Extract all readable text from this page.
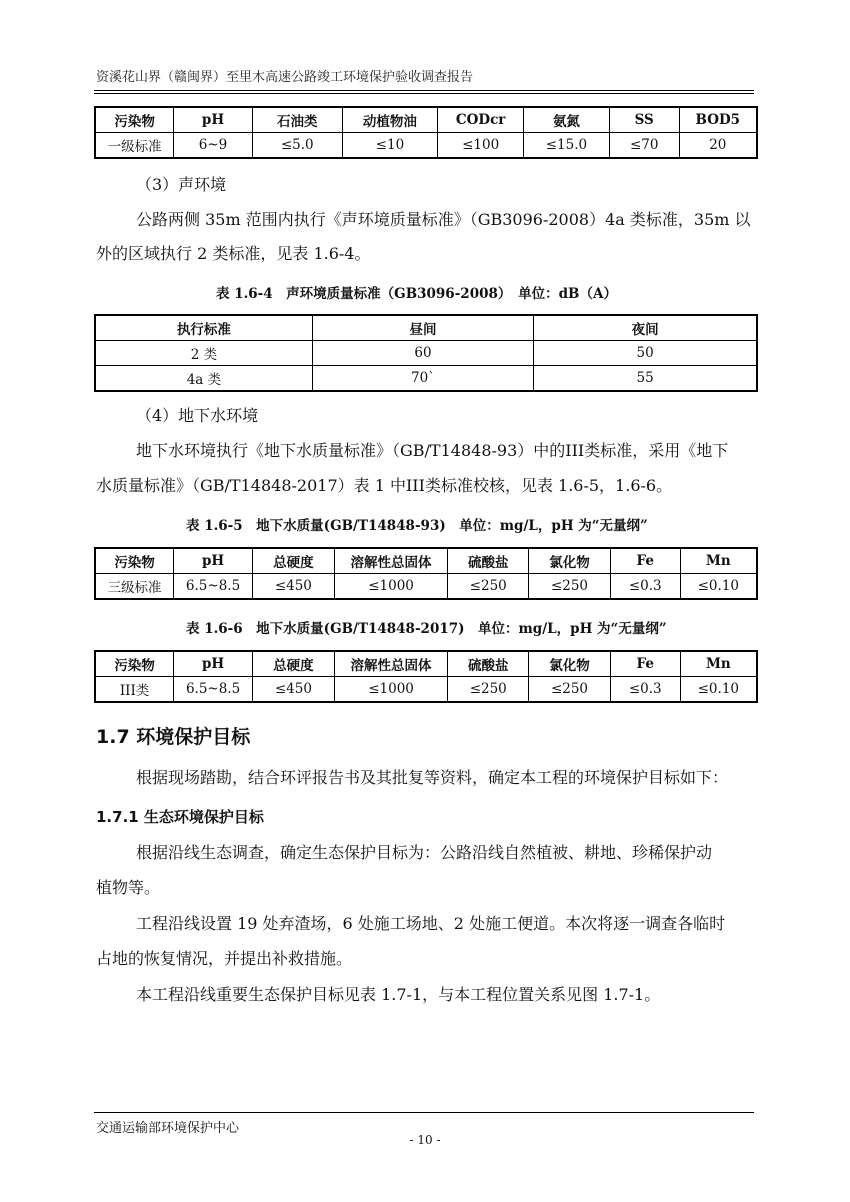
资溪花山界（赣闽界）至里木高速公路竣工环境保护验收调查报告
污染物	pH	石油类	动植物油	CODcr	氨氮	SS	BOD5
一级标准	6~9	≤5.0	≤10	≤100	≤15.0	≤70	20
（3）声环境
公路两侧 35m 范围内执行《声环境质量标准》（GB3096-2008）4a 类标准，35m 以
外的区域执行 2 类标准，见表 1.6-4。
表 1.6-4　声环境质量标准（GB3096-2008）　单位：dB（A）
执行标准	昼间	夜间
2 类	60	50
4a 类	70`	55
（4）地下水环境
地下水环境执行《地下水质量标准》（GB/T14848-93）中的III类标准，采用《地下
水质量标准》（GB/T14848-2017）表 1 中III类标准校核，见表 1.6-5，1.6-6。
表 1.6-5　地下水质量(GB/T14848-93)　单位：mg/L，pH 为“无量纲”
污染物	pH	总硬度	溶解性总固体	硫酸盐	氯化物	Fe	Mn
三级标准	6.5~8.5	≤450	≤1000	≤250	≤250	≤0.3	≤0.10
表 1.6-6　地下水质量(GB/T14848-2017)　单位：mg/L，pH 为“无量纲”
污染物	pH	总硬度	溶解性总固体	硫酸盐	氯化物	Fe	Mn
III类	6.5~8.5	≤450	≤1000	≤250	≤250	≤0.3	≤0.10
1.7 环境保护目标
根据现场踏勘，结合环评报告书及其批复等资料，确定本工程的环境保护目标如下：
1.7.1 生态环境保护目标
根据沿线生态调查，确定生态保护目标为：公路沿线自然植被、耕地、珍稀保护动
植物等。
工程沿线设置 19 处弃渣场，6 处施工场地、2 处施工便道。本次将逐一调查各临时
占地的恢复情况，并提出补救措施。
本工程沿线重要生态保护目标见表 1.7-1，与本工程位置关系见图 1.7-1。
交通运输部环境保护中心
- 10 -
